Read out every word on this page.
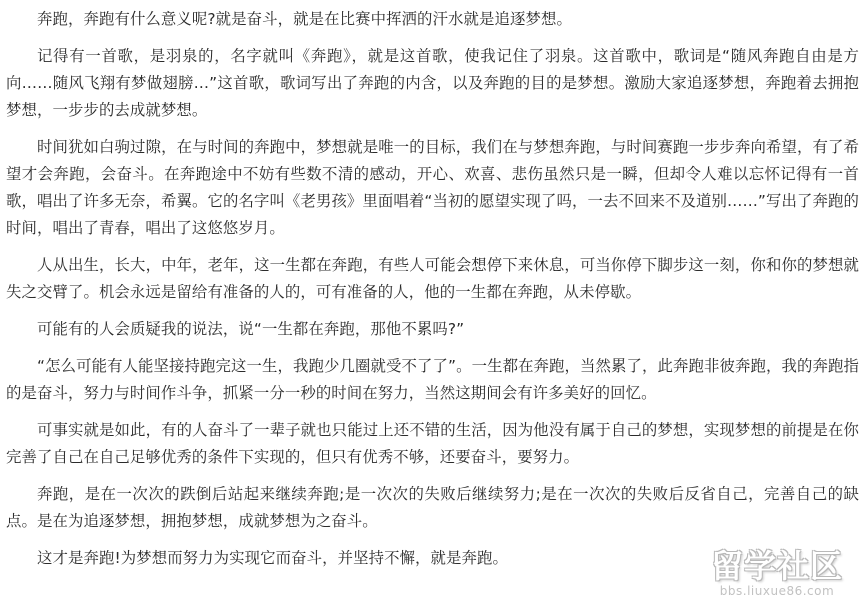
奔跑，奔跑有什么意义呢?就是奋斗，就是在比赛中挥洒的汗水就是追逐梦想。

记得有一首歌，是羽泉的，名字就叫《奔跑》，就是这首歌，使我记住了羽泉。这首歌中，歌词是“随风奔跑自由是方向……随风飞翔有梦做翅膀…”这首歌，歌词写出了奔跑的内含，以及奔跑的目的是梦想。激励大家追逐梦想，奔跑着去拥抱梦想，一步步的去成就梦想。

时间犹如白驹过隙，在与时间的奔跑中，梦想就是唯一的目标，我们在与梦想奔跑，与时间赛跑一步步奔向希望，有了希望才会奔跑，会奋斗。在奔跑途中不妨有些数不清的感动，开心、欢喜、悲伤虽然只是一瞬，但却令人难以忘怀记得有一首歌，唱出了许多无奈，希翼。它的名字叫《老男孩》里面唱着“当初的愿望实现了吗，一去不回来不及道别……”写出了奔跑的时间，唱出了青春，唱出了这悠悠岁月。

人从出生，长大，中年，老年，这一生都在奔跑，有些人可能会想停下来休息，可当你停下脚步这一刻，你和你的梦想就失之交臂了。机会永远是留给有准备的人的，可有准备的人，他的一生都在奔跑，从未停歇。

可能有的人会质疑我的说法，说“一生都在奔跑，那他不累吗?”

“怎么可能有人能坚接持跑完这一生，我跑少几圈就受不了了”。一生都在奔跑，当然累了，此奔跑非彼奔跑，我的奔跑指的是奋斗，努力与时间作斗争，抓紧一分一秒的时间在努力，当然这期间会有许多美好的回忆。

可事实就是如此，有的人奋斗了一辈子就也只能过上还不错的生活，因为他没有属于自己的梦想，实现梦想的前提是在你完善了自己在自己足够优秀的条件下实现的，但只有优秀不够，还要奋斗，要努力。

奔跑，是在一次次的跌倒后站起来继续奔跑;是一次次的失败后继续努力;是在一次次的失败后反省自己，完善自己的缺点。是在为追逐梦想，拥抱梦想，成就梦想为之奋斗。

这才是奔跑!为梦想而努力为实现它而奋斗，并坚持不懈，就是奔跑。	留学社区
bbs.liuxue86.com
